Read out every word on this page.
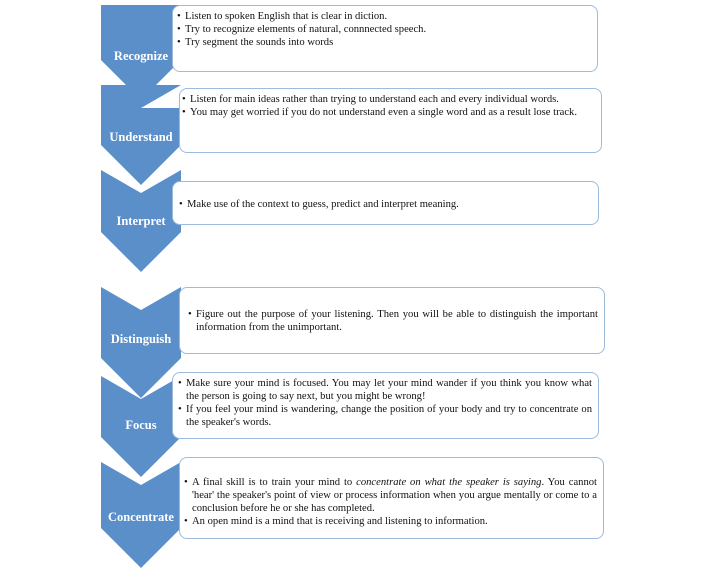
Recognize
Understand
Interpret
Distinguish
Focus
Concentrate
• Listen to spoken English that is clear in diction.
• Try to recognize elements of natural, connnected speech.
• Try segment the sounds into words
• Listen for main ideas rather than trying to understand each and every individual words.
• You may get worried if you do not understand even a single word and as a result lose track.
• Make use of the context to guess, predict and interpret meaning.
• Figure out the purpose of your listening. Then you will be able to distinguish the important information from the unimportant.
• Make sure your mind is focused. You may let your mind wander if you think you know what the person is going to say next, but you might be wrong!
• If you feel your mind is wandering, change the position of your body and try to concentrate on the speaker's words.
• A final skill is to train your mind to concentrate on what the speaker is saying. You cannot 'hear' the speaker's point of view or process information when you argue mentally or come to a conclusion before he or she has completed.
• An open mind is a mind that is receiving and listening to information.
